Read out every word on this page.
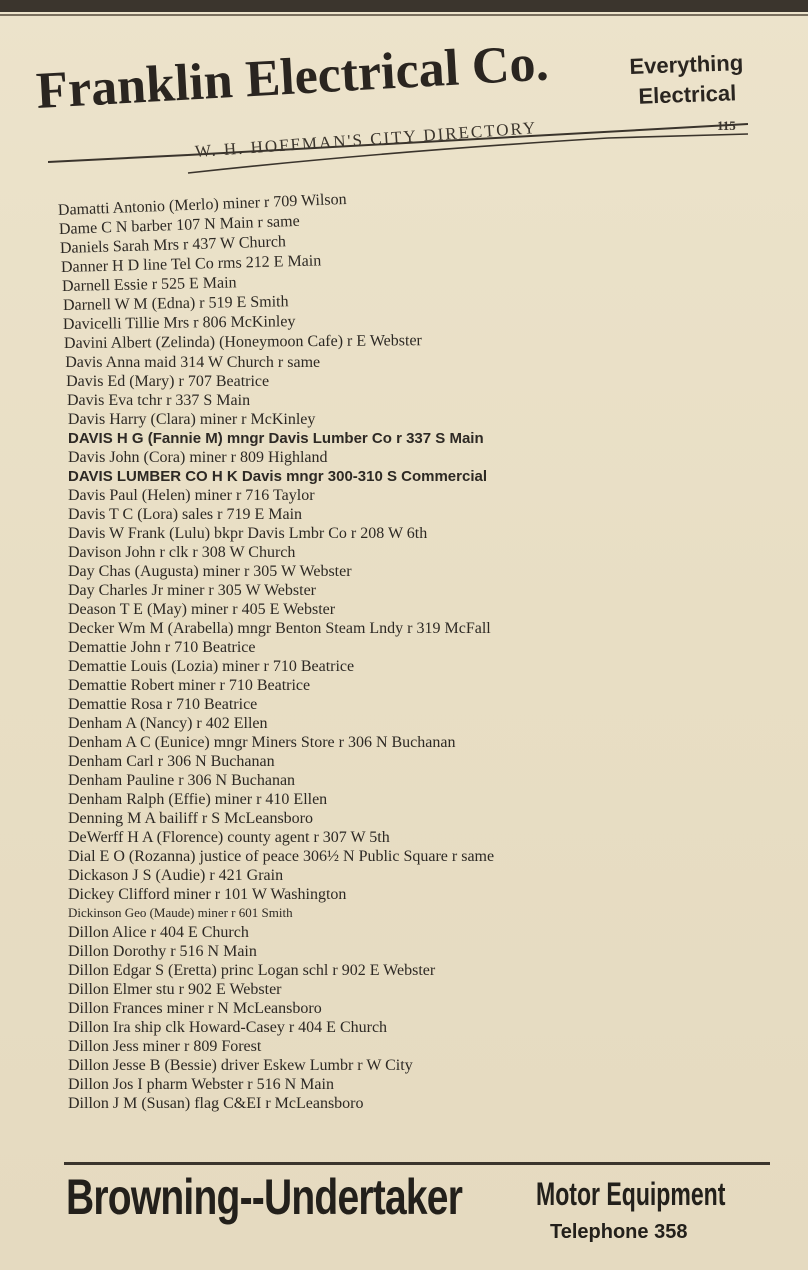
Franklin Electrical Co.	Everything
Electrical
115
W. H. HOFFMAN'S CITY DIRECTORY
Damatti Antonio (Merlo) miner r 709 Wilson
Dame C N barber 107 N Main r same
Daniels Sarah Mrs r 437 W Church
Danner H D line Tel Co rms 212 E Main
Darnell Essie r 525 E Main
Darnell W M (Edna) r 519 E Smith
Davicelli Tillie Mrs r 806 McKinley
Davini Albert (Zelinda) (Honeymoon Cafe) r E Webster
Davis Anna maid 314 W Church r same
Davis Ed (Mary) r 707 Beatrice
Davis Eva tchr r 337 S Main
Davis Harry (Clara) miner r McKinley
DAVIS H G (Fannie M) mngr Davis Lumber Co r 337 S Main
Davis John (Cora) miner r 809 Highland
DAVIS LUMBER CO H K Davis mngr 300-310 S Commercial
Davis Paul (Helen) miner r 716 Taylor
Davis T C (Lora) sales r 719 E Main
Davis W Frank (Lulu) bkpr Davis Lmbr Co r 208 W 6th
Davison John r clk r 308 W Church
Day Chas (Augusta) miner r 305 W Webster
Day Charles Jr miner r 305 W Webster
Deason T E (May) miner r 405 E Webster
Decker Wm M (Arabella) mngr Benton Steam Lndy r 319 McFall
Demattie John r 710 Beatrice
Demattie Louis (Lozia) miner r 710 Beatrice
Demattie Robert miner r 710 Beatrice
Demattie Rosa r 710 Beatrice
Denham A (Nancy) r 402 Ellen
Denham A C (Eunice) mngr Miners Store r 306 N Buchanan
Denham Carl r 306 N Buchanan
Denham Pauline r 306 N Buchanan
Denham Ralph (Effie) miner r 410 Ellen
Denning M A bailiff r S McLeansboro
DeWerff H A (Florence) county agent r 307 W 5th
Dial E O (Rozanna) justice of peace 306½ N Public Square r same
Dickason J S (Audie) r 421 Grain
Dickey Clifford miner r 101 W Washington
Dickinson Geo (Maude) miner r 601 Smith
Dillon Alice r 404 E Church
Dillon Dorothy r 516 N Main
Dillon Edgar S (Eretta) princ Logan schl r 902 E Webster
Dillon Elmer stu r 902 E Webster
Dillon Frances miner r N McLeansboro
Dillon Ira ship clk Howard-Casey r 404 E Church
Dillon Jess miner r 809 Forest
Dillon Jesse B (Bessie) driver Eskew Lumbr r W City
Dillon Jos I pharm Webster r 516 N Main
Dillon J M (Susan) flag C&EI r McLeansboro
Browning--Undertaker Motor Equipment
Telephone 358
